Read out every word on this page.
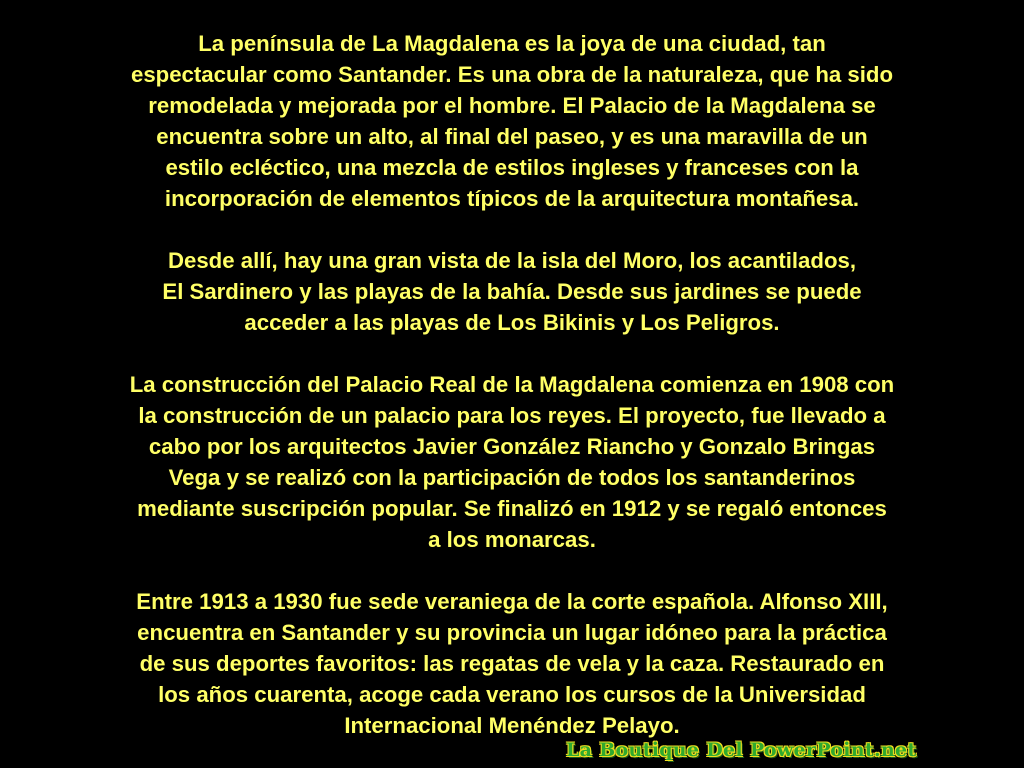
La península de La Magdalena es la joya de una ciudad, tan
espectacular como Santander. Es una obra de la naturaleza, que ha sido
remodelada y mejorada por el hombre. El Palacio de la Magdalena se
encuentra sobre un alto, al final del paseo, y es una maravilla de un
estilo ecléctico, una mezcla de estilos ingleses y franceses con la
incorporación de elementos típicos de la arquitectura montañesa.

Desde allí, hay una gran vista de la isla del Moro, los acantilados,
El Sardinero y las playas de la bahía. Desde sus jardines se puede
acceder a las playas de Los Bikinis y Los Peligros.

La construcción del Palacio Real de la Magdalena comienza en 1908 con
la construcción de un palacio para los reyes. El proyecto, fue llevado a
cabo por los arquitectos Javier González Riancho y Gonzalo Bringas
Vega y se realizó con la participación de todos los santanderinos
mediante suscripción popular. Se finalizó en 1912 y se regaló entonces
a los monarcas.

Entre 1913 a 1930 fue sede veraniega de la corte española. Alfonso XIII,
encuentra en Santander y su provincia un lugar idóneo para la práctica
de sus deportes favoritos: las regatas de vela y la caza. Restaurado en
los años cuarenta, acoge cada verano los cursos de la Universidad
Internacional Menéndez Pelayo.

La Boutique Del PowerPoint.net
